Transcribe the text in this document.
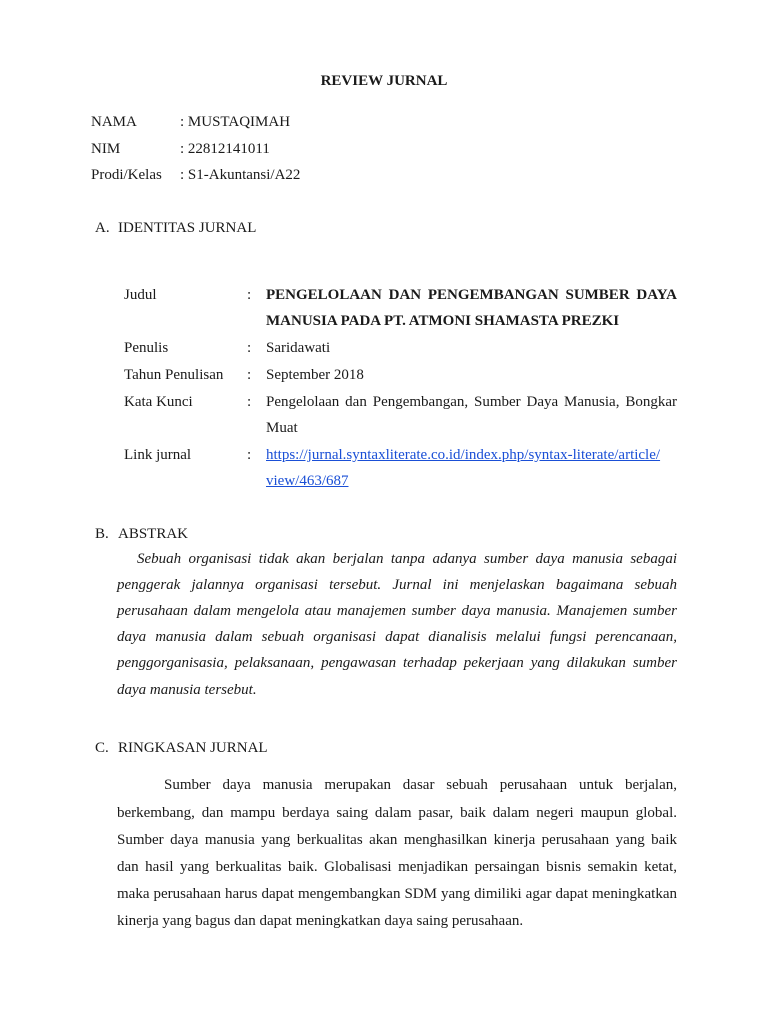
REVIEW JURNAL
NAMA	: MUSTAQIMAH
NIM	: 22812141011
Prodi/Kelas : S1-Akuntansi/A22
A. IDENTITAS JURNAL
Judul	: PENGELOLAAN DAN PENGEMBANGAN SUMBER DAYA
MANUSIA PADA PT. ATMONI SHAMASTA PREZKI
Penulis	: Saridawati
Tahun Penulisan : September 2018
Kata Kunci	: Pengelolaan dan Pengembangan, Sumber Daya Manusia, Bongkar
Muat
Link jurnal	: https://jurnal.syntaxliterate.co.id/index.php/syntax-literate/article/
view/463/687
B. ABSTRAK
Sebuah organisasi tidak akan berjalan tanpa adanya sumber daya manusia sebagai
penggerak jalannya organisasi tersebut. Jurnal ini menjelaskan bagaimana sebuah
perusahaan dalam mengelola atau manajemen sumber daya manusia. Manajemen sumber
daya manusia dalam sebuah organisasi dapat dianalisis melalui fungsi perencanaan,
penggorganisasia, pelaksanaan, pengawasan terhadap pekerjaan yang dilakukan sumber
daya manusia tersebut.
C. RINGKASAN JURNAL
Sumber daya manusia merupakan dasar sebuah perusahaan untuk berjalan,
berkembang, dan mampu berdaya saing dalam pasar, baik dalam negeri maupun global.
Sumber daya manusia yang berkualitas akan menghasilkan kinerja perusahaan yang baik
dan hasil yang berkualitas baik. Globalisasi menjadikan persaingan bisnis semakin ketat,
maka perusahaan harus dapat mengembangkan SDM yang dimiliki agar dapat meningkatkan
kinerja yang bagus dan dapat meningkatkan daya saing perusahaan.
